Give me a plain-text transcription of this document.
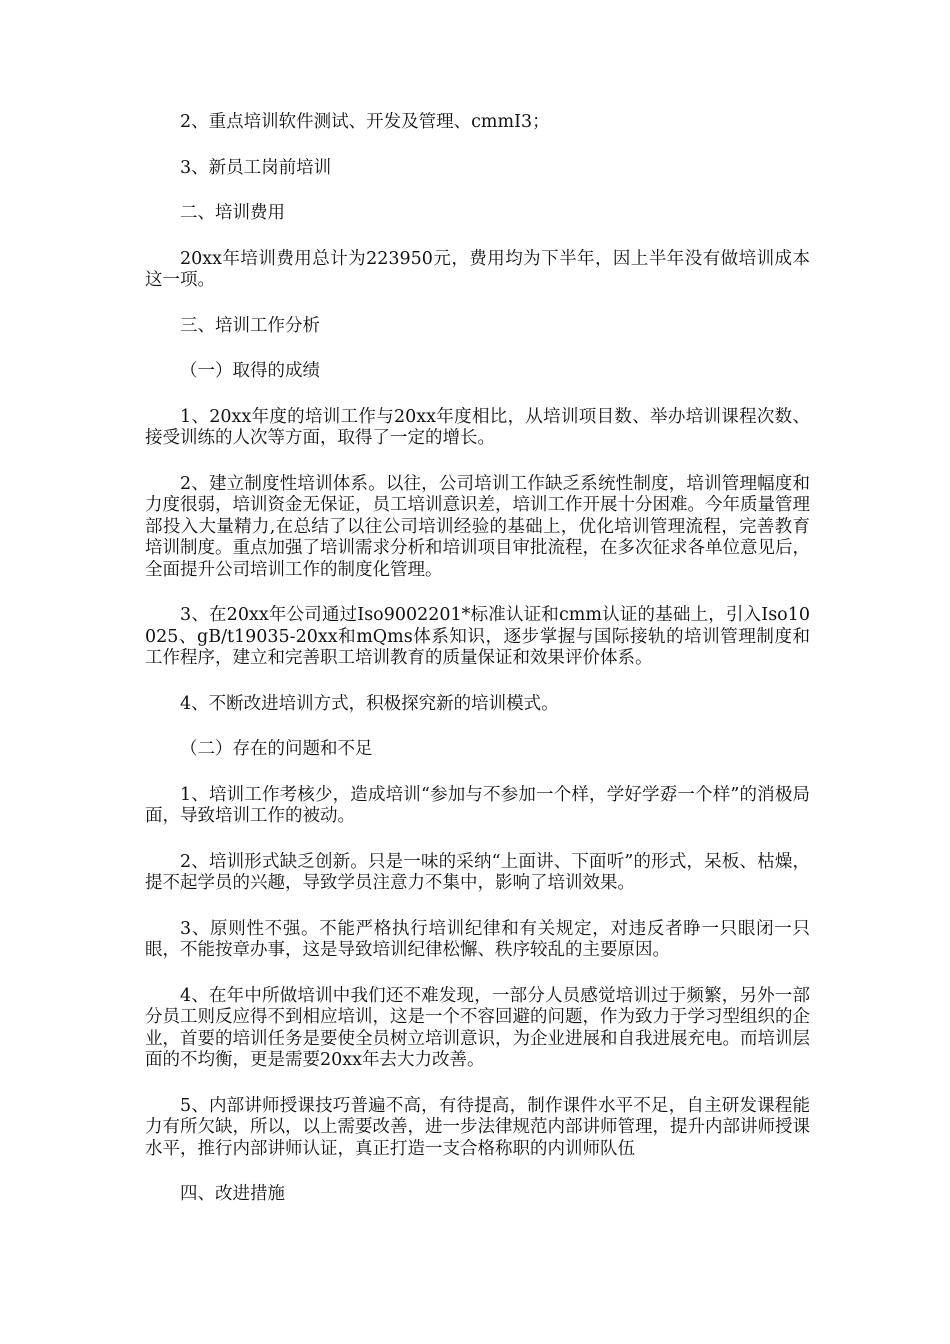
2、重点培训软件测试、开发及管理、cmmI3；

3、新员工岗前培训

二、培训费用

20xx年培训费用总计为223950元，费用均为下半年，因上半年没有做培训成本这一项。

三、培训工作分析

（一）取得的成绩

1、20xx年度的培训工作与20xx年度相比，从培训项目数、举办培训课程次数、接受训练的人次等方面，取得了一定的增长。

2、建立制度性培训体系。以往，公司培训工作缺乏系统性制度，培训管理幅度和力度很弱，培训资金无保证，员工培训意识差，培训工作开展十分困难。今年质量管理部投入大量精力,在总结了以往公司培训经验的基础上，优化培训管理流程，完善教育培训制度。重点加强了培训需求分析和培训项目审批流程，在多次征求各单位意见后，全面提升公司培训工作的制度化管理。

3、在20xx年公司通过Iso9002201*标准认证和cmm认证的基础上，引入Iso10025、gB/t19035-20xx和mQms体系知识，逐步掌握与国际接轨的培训管理制度和工作程序，建立和完善职工培训教育的质量保证和效果评价体系。

4、不断改进培训方式，积极探究新的培训模式。

（二）存在的问题和不足

1、培训工作考核少，造成培训“参加与不参加一个样，学好学孬一个样”的消极局面，导致培训工作的被动。

2、培训形式缺乏创新。只是一味的采纳“上面讲、下面听”的形式，呆板、枯燥，提不起学员的兴趣，导致学员注意力不集中，影响了培训效果。

3、原则性不强。不能严格执行培训纪律和有关规定，对违反者睁一只眼闭一只眼，不能按章办事，这是导致培训纪律松懈、秩序较乱的主要原因。

4、在年中所做培训中我们还不难发现，一部分人员感觉培训过于频繁，另外一部分员工则反应得不到相应培训，这是一个不容回避的问题，作为致力于学习型组织的企业，首要的培训任务是要使全员树立培训意识，为企业进展和自我进展充电。而培训层面的不均衡，更是需要20xx年去大力改善。

5、内部讲师授课技巧普遍不高，有待提高，制作课件水平不足，自主研发课程能力有所欠缺，所以，以上需要改善，进一步法律规范内部讲师管理，提升内部讲师授课水平，推行内部讲师认证，真正打造一支合格称职的内训师队伍

四、改进措施
